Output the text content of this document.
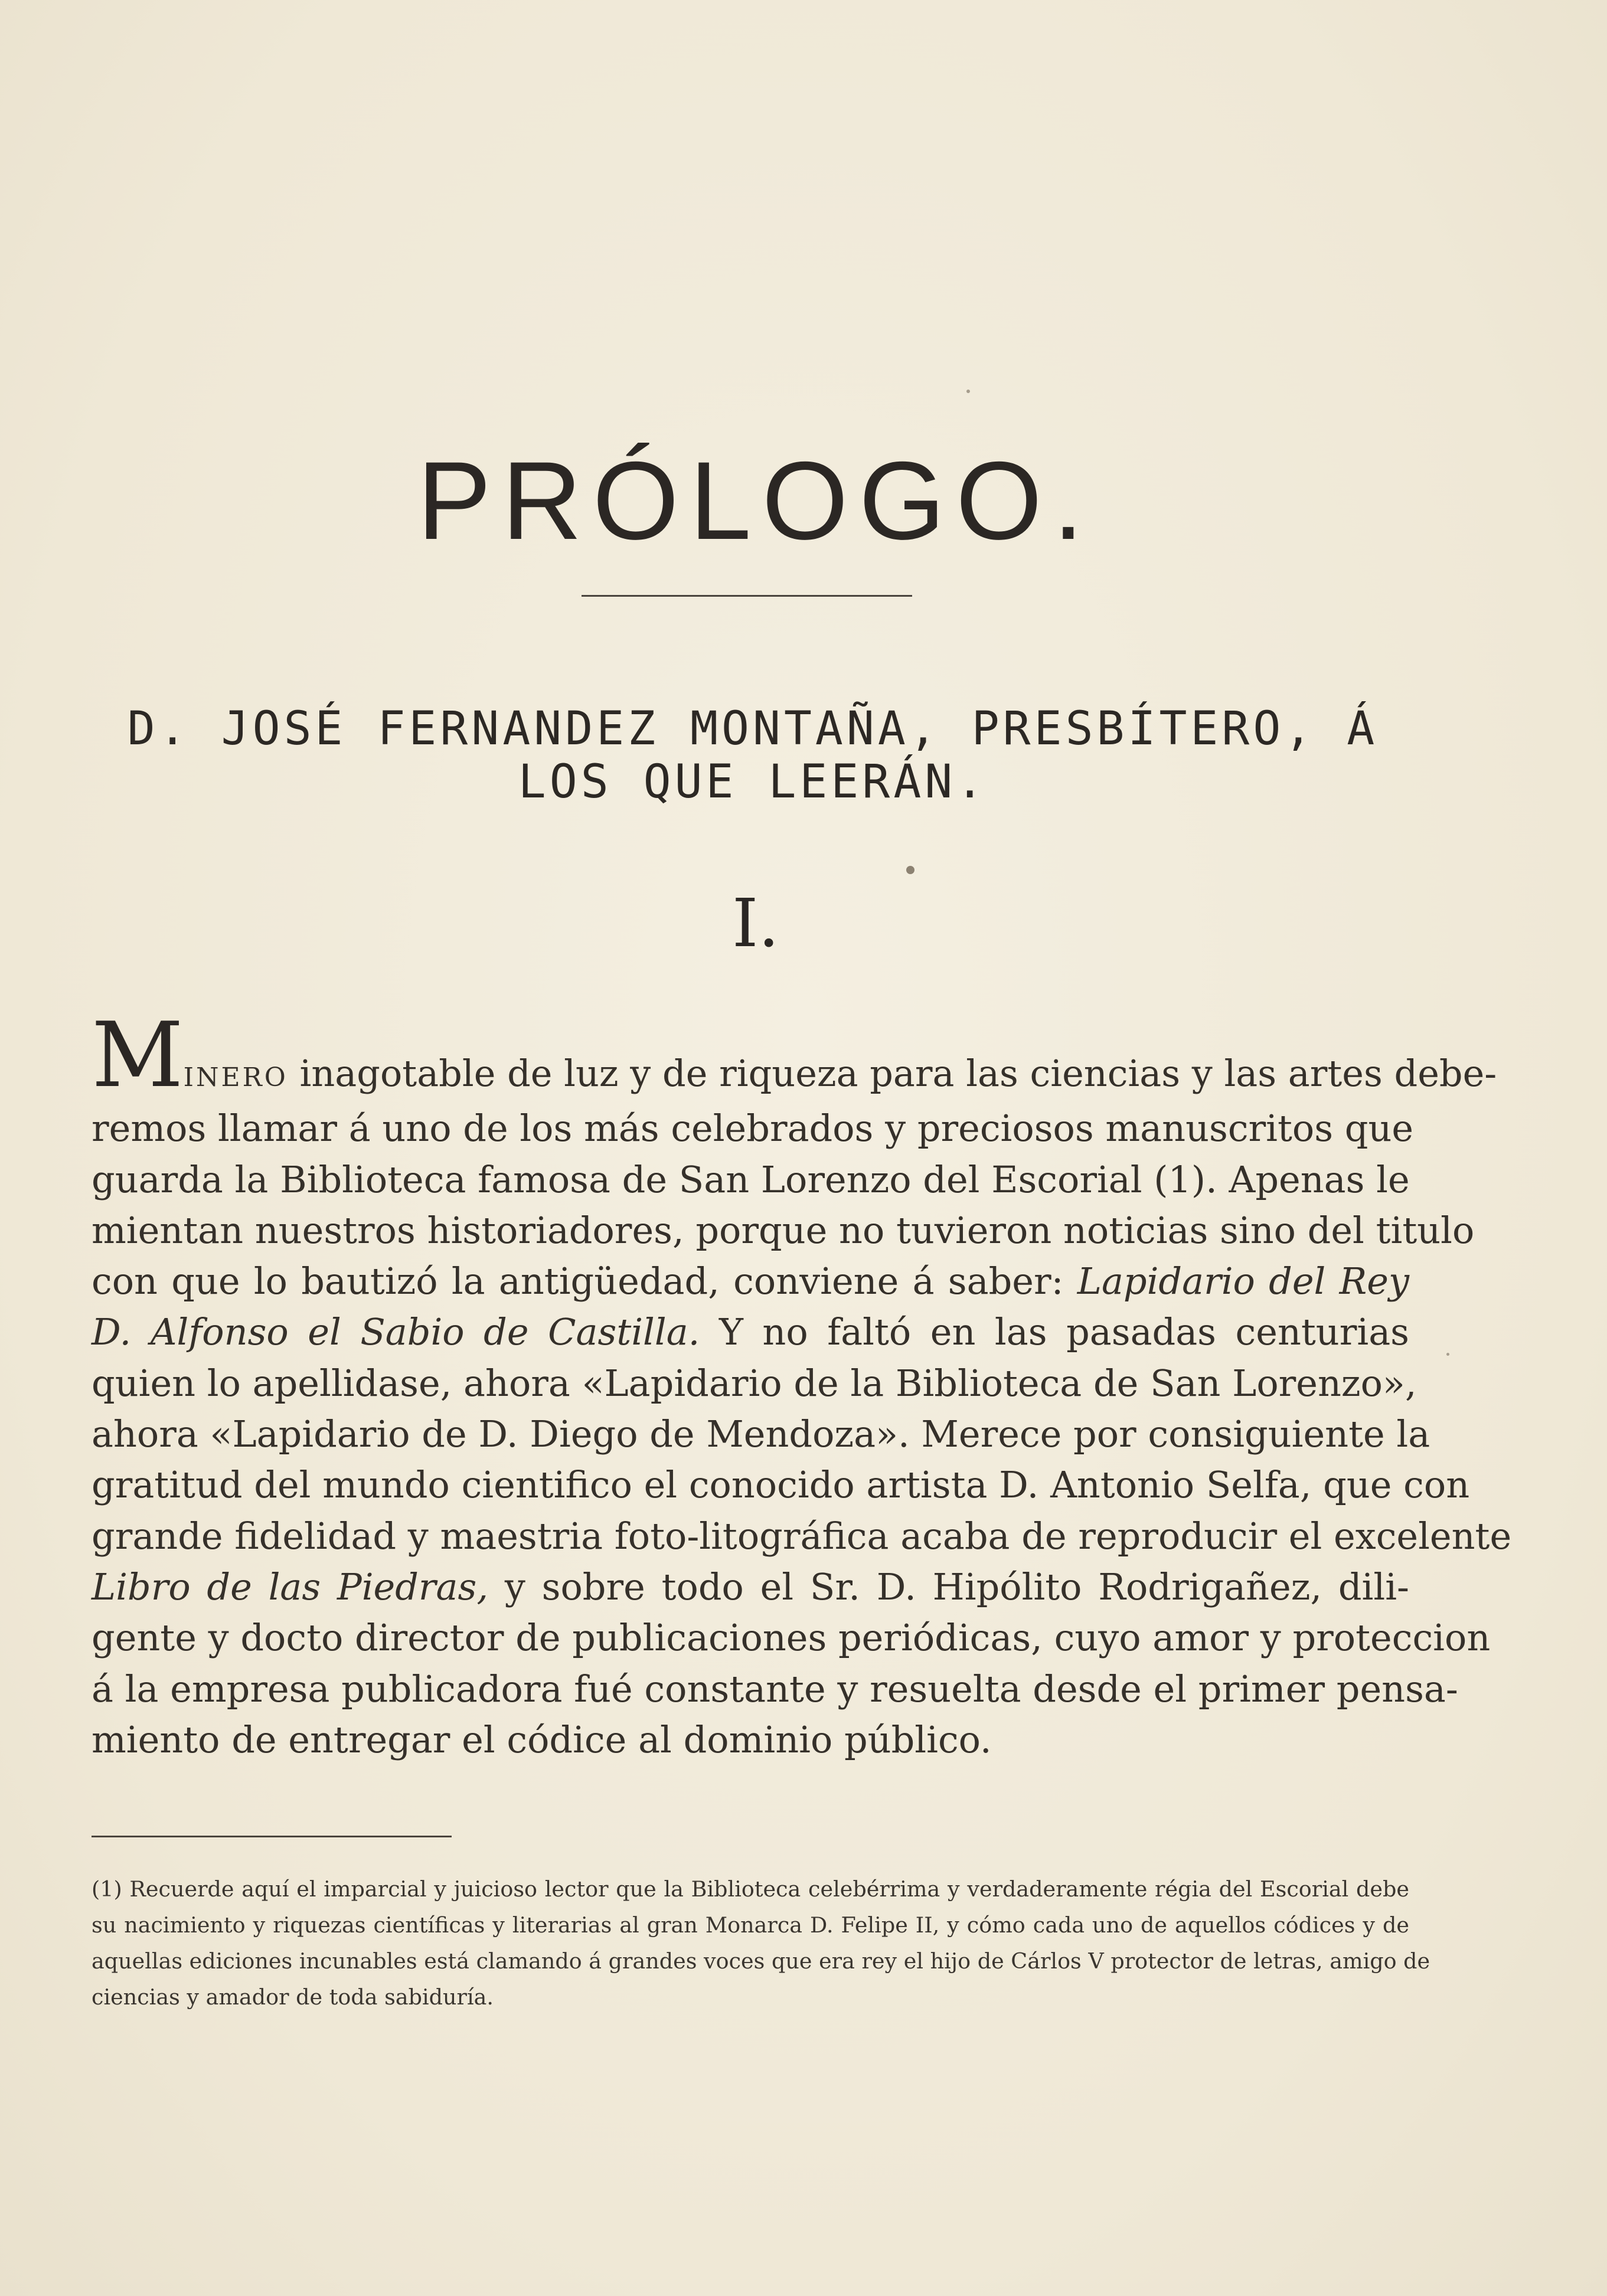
PRÓLOGO.
D. JOSÉ FERNANDEZ MONTAÑA, PRESBÍTERO, Á LOS QUE LEERÁN.
I.
MINERO inagotable de luz y de riqueza para las ciencias y las artes debe-
remos llamar á uno de los más celebrados y preciosos manuscritos que
guarda la Biblioteca famosa de San Lorenzo del Escorial (1). Apenas le
mientan nuestros historiadores, porque no tuvieron noticias sino del titulo
con que lo bautizó la antigüedad, conviene á saber: Lapidario del Rey
D. Alfonso el Sabio de Castilla. Y no faltó en las pasadas centurias
quien lo apellidase, ahora «Lapidario de la Biblioteca de San Lorenzo»,
ahora «Lapidario de D. Diego de Mendoza». Merece por consiguiente la
gratitud del mundo cientifico el conocido artista D. Antonio Selfa, que con
grande fidelidad y maestria foto-litográfica acaba de reproducir el excelente
Libro de las Piedras, y sobre todo el Sr. D. Hipólito Rodrigañez, dili-
gente y docto director de publicaciones periódicas, cuyo amor y proteccion
á la empresa publicadora fué constante y resuelta desde el primer pensa-
miento de entregar el códice al dominio público.
(1) Recuerde aquí el imparcial y juicioso lector que la Biblioteca celebérrima y verdaderamente régia del Escorial debe
su nacimiento y riquezas científicas y literarias al gran Monarca D. Felipe II, y cómo cada uno de aquellos códices y de
aquellas ediciones incunables está clamando á grandes voces que era rey el hijo de Cárlos V protector de letras, amigo de
ciencias y amador de toda sabiduría.
